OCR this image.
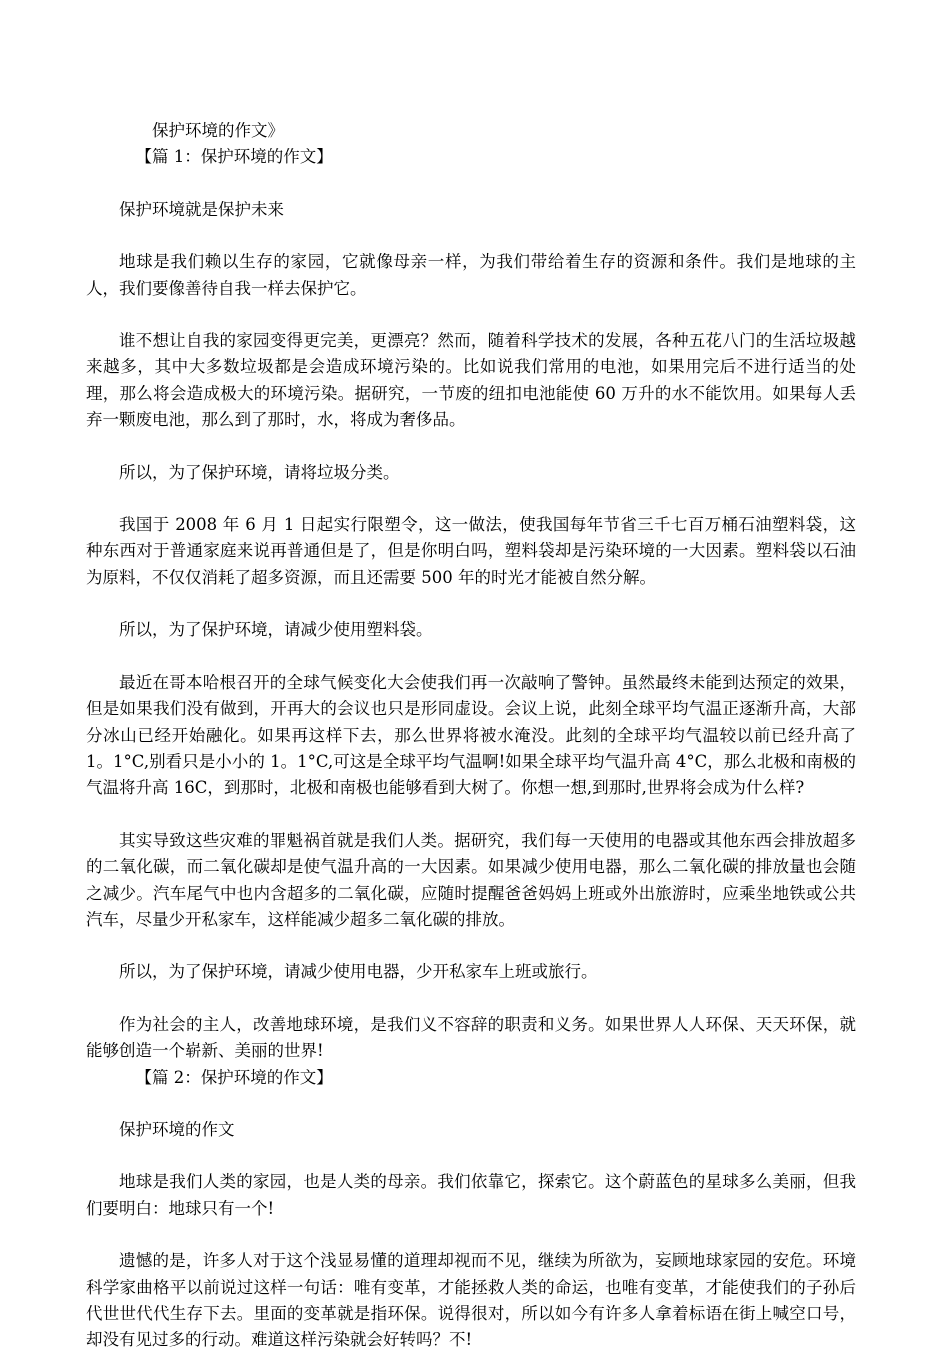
保护环境的作文》

【篇 1：保护环境的作文】

保护环境就是保护未来

地球是我们赖以生存的家园，它就像母亲一样，为我们带给着生存的资源和条件。我们是地球的主人，我们要像善待自我一样去保护它。

谁不想让自我的家园变得更完美，更漂亮？然而，随着科学技术的发展，各种五花八门的生活垃圾越来越多，其中大多数垃圾都是会造成环境污染的。比如说我们常用的电池，如果用完后不进行适当的处理，那么将会造成极大的环境污染。据研究，一节废的纽扣电池能使 60 万升的水不能饮用。如果每人丢弃一颗废电池，那么到了那时，水，将成为奢侈品。

所以，为了保护环境，请将垃圾分类。

我国于 2008 年 6 月 1 日起实行限塑令，这一做法，使我国每年节省三千七百万桶石油塑料袋，这种东西对于普通家庭来说再普通但是了，但是你明白吗，塑料袋却是污染环境的一大因素。塑料袋以石油为原料，不仅仅消耗了超多资源，而且还需要 500 年的时光才能被自然分解。

所以，为了保护环境，请减少使用塑料袋。

最近在哥本哈根召开的全球气候变化大会使我们再一次敲响了警钟。虽然最终未能到达预定的效果，但是如果我们没有做到，开再大的会议也只是形同虚设。会议上说，此刻全球平均气温正逐渐升高，大部分冰山已经开始融化。如果再这样下去，那么世界将被水淹没。此刻的全球平均气温较以前已经升高了 1。1°C,别看只是小小的 1。1°C,可这是全球平均气温啊!如果全球平均气温升高 4°C，那么北极和南极的气温将升高 16C，到那时，北极和南极也能够看到大树了。你想一想,到那时,世界将会成为什么样?

其实导致这些灾难的罪魁祸首就是我们人类。据研究，我们每一天使用的电器或其他东西会排放超多的二氧化碳，而二氧化碳却是使气温升高的一大因素。如果减少使用电器，那么二氧化碳的排放量也会随之减少。汽车尾气中也内含超多的二氧化碳，应随时提醒爸爸妈妈上班或外出旅游时，应乘坐地铁或公共汽车，尽量少开私家车，这样能减少超多二氧化碳的排放。

所以，为了保护环境，请减少使用电器，少开私家车上班或旅行。

作为社会的主人，改善地球环境，是我们义不容辞的职责和义务。如果世界人人环保、天天环保，就能够创造一个崭新、美丽的世界!

【篇 2：保护环境的作文】

保护环境的作文

地球是我们人类的家园，也是人类的母亲。我们依靠它，探索它。这个蔚蓝色的星球多么美丽，但我们要明白：地球只有一个!

遗憾的是，许多人对于这个浅显易懂的道理却视而不见，继续为所欲为，妄顾地球家园的安危。环境科学家曲格平以前说过这样一句话：唯有变革，才能拯救人类的命运，也唯有变革，才能使我们的子孙后代世世代代生存下去。里面的变革就是指环保。说得很对，所以如今有许多人拿着标语在街上喊空口号，却没有见过多的行动。难道这样污染就会好转吗？不!
